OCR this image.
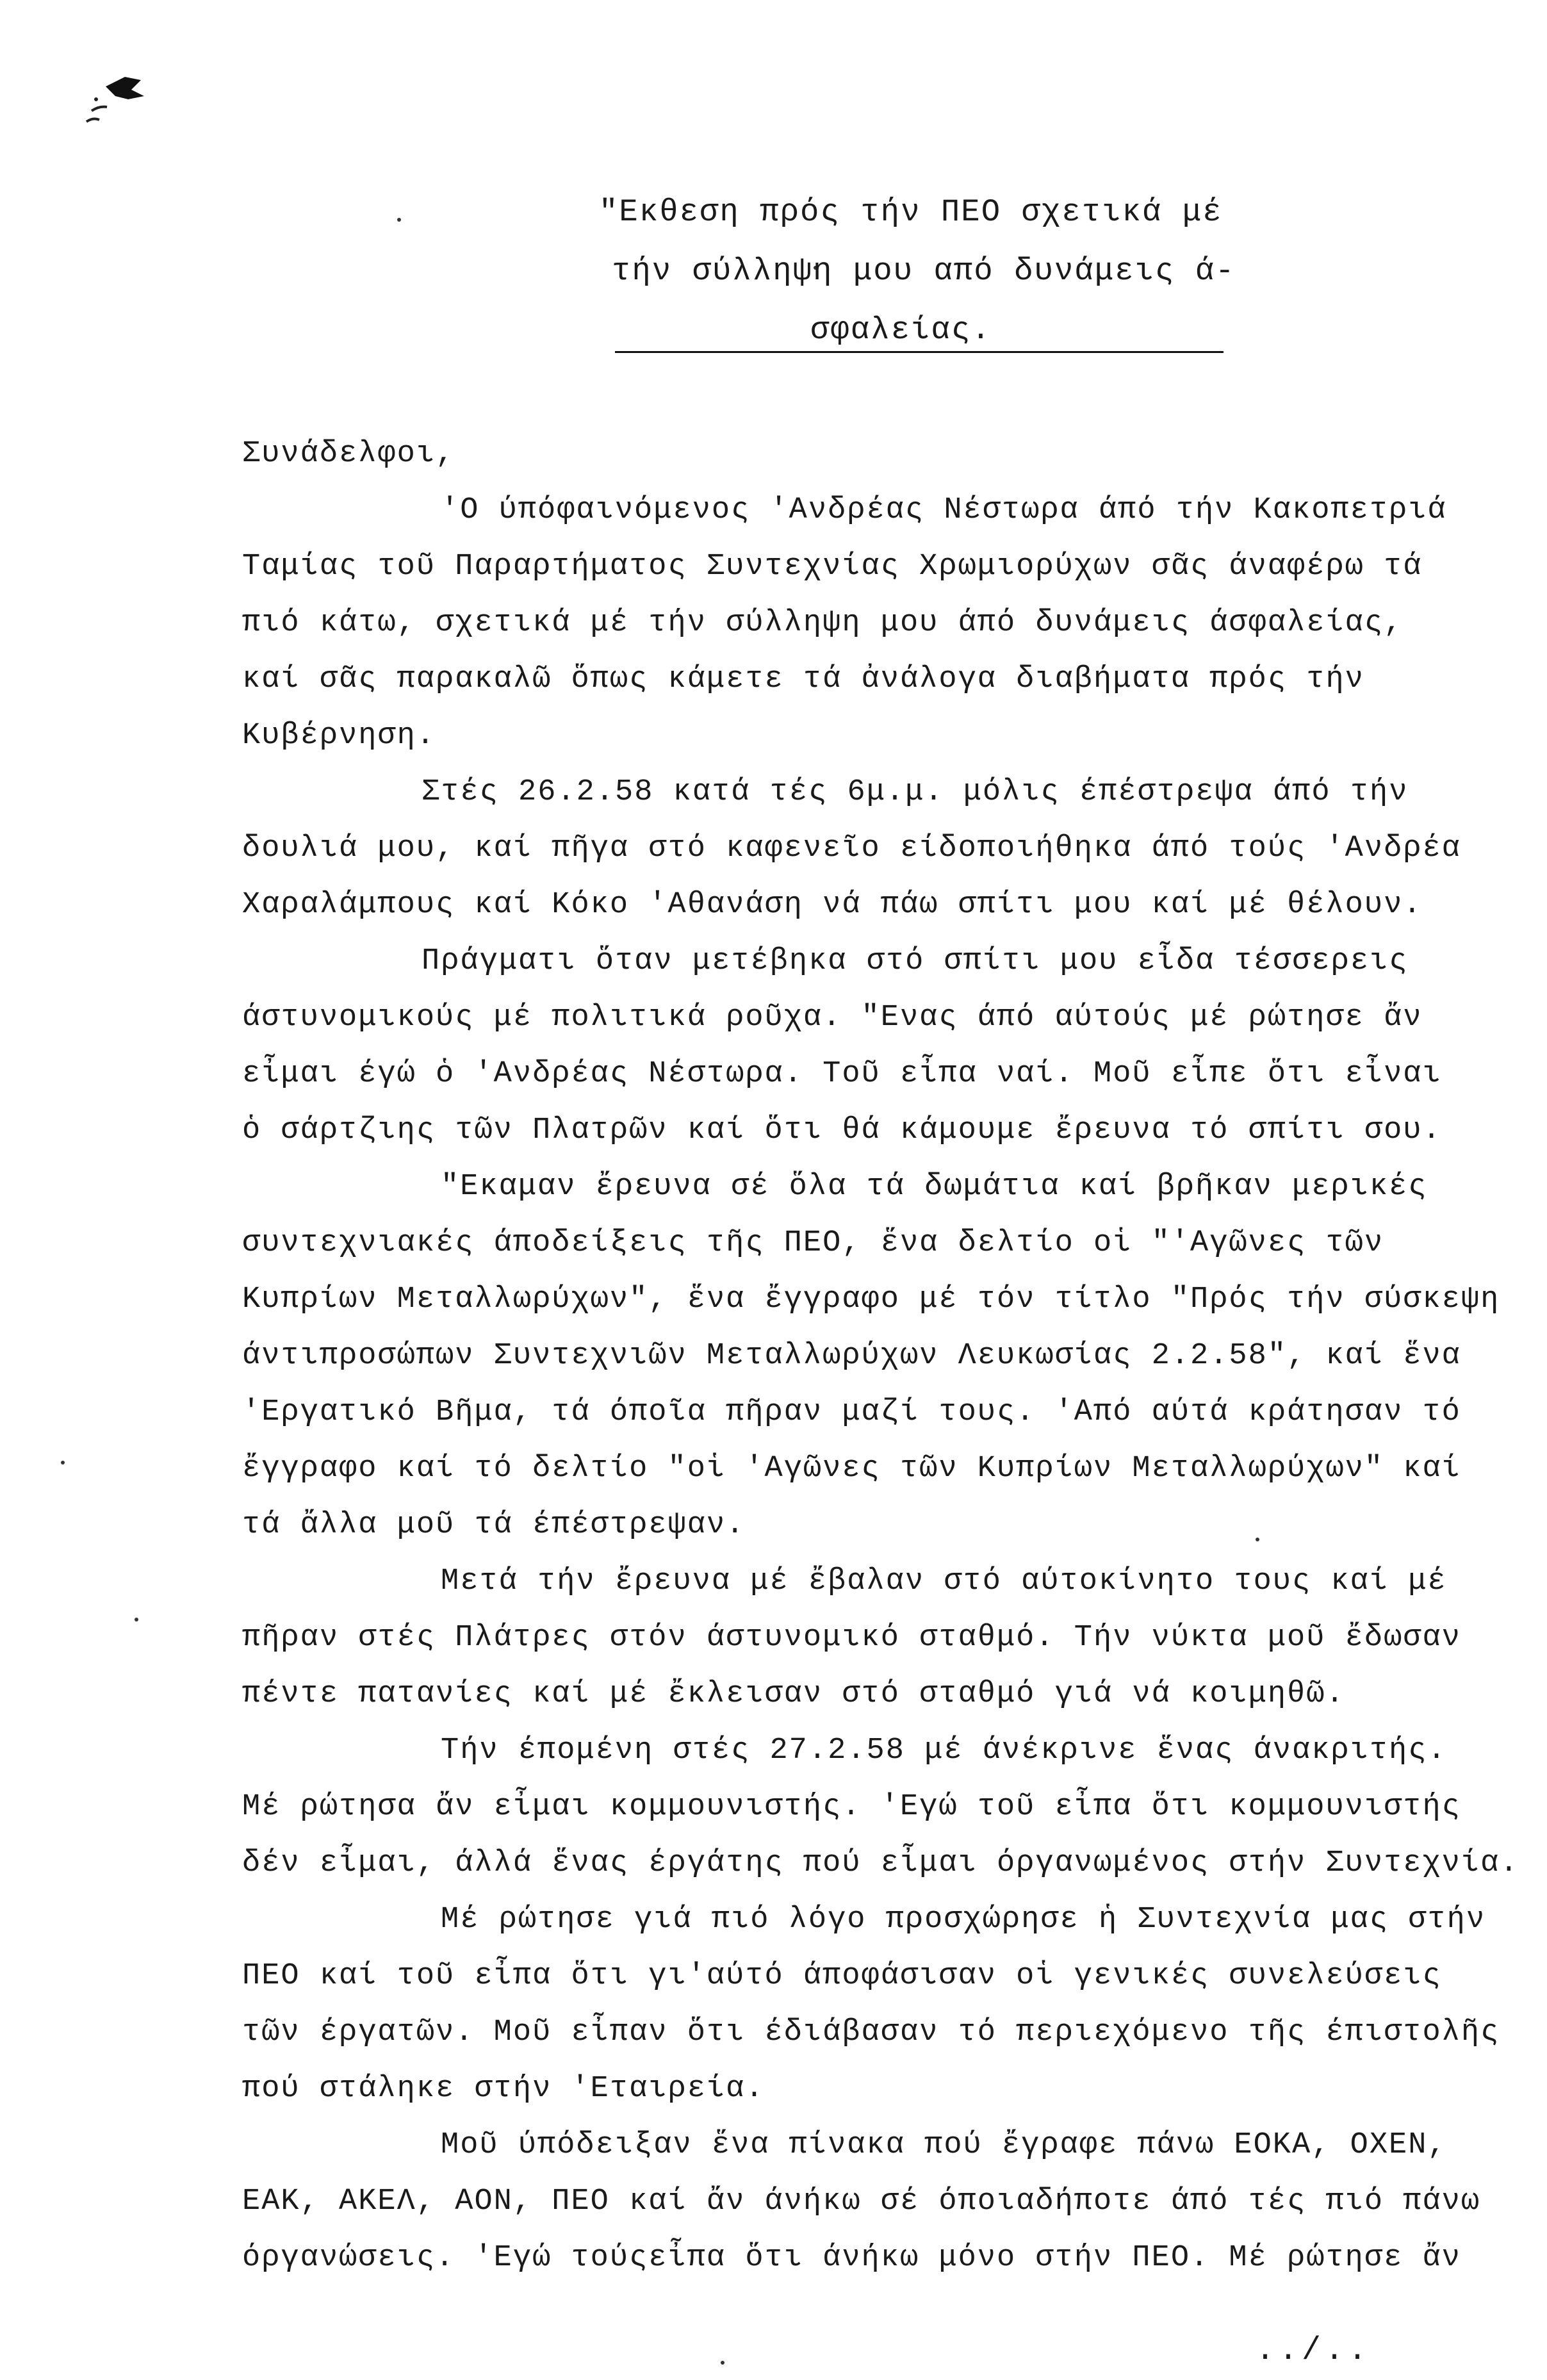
"Εκθεση πρός τήν ΠΕΟ σχετικά μέ
τήν σύλληψη μου από δυνάμεις ά-
σφαλείας.
Συνάδελφοι,
'Ο ύπόφαινόμενος 'Ανδρέας Νέστωρα άπό τήν Κακοπετριά
Ταμίας τοῦ Παραρτήματος Συντεχνίας Χρωμιορύχων σᾶς άναφέρω τά
πιό κάτω, σχετικά μέ τήν σύλληψη μου άπό δυνάμεις άσφαλείας,
καί σᾶς παρακαλῶ ὅπως κάμετε τά ἀνάλογα διαβήματα πρός τήν
Κυβέρνηση.
Στές 26.2.58 κατά τές 6μ.μ. μόλις έπέστρεψα άπό τήν
δουλιά μου, καί πῆγα στό καφενεῖο είδοποιήθηκα άπό τούς 'Ανδρέα
Χαραλάμπους καί Κόκο 'Αθανάση νά πάω σπίτι μου καί μέ θέλουν.
Πράγματι ὅταν μετέβηκα στό σπίτι μου εἶδα τέσσερεις
άστυνομικούς μέ πολιτικά ροῦχα. "Ενας άπό αύτούς μέ ρώτησε ἄν
εἶμαι έγώ ὁ 'Ανδρέας Νέστωρα. Τοῦ εἶπα ναί. Μοῦ εἶπε ὅτι εἶναι
ὁ σάρτζιης τῶν Πλατρῶν καί ὅτι θά κάμουμε ἔρευνα τό σπίτι σου.
"Εκαμαν ἔρευνα σέ ὅλα τά δωμάτια καί βρῆκαν μερικές
συντεχνιακές άποδείξεις τῆς ΠΕΟ, ἕνα δελτίο οἱ "'Αγῶνες τῶν
Κυπρίων Μεταλλωρύχων", ἕνα ἔγγραφο μέ τόν τίτλο "Πρός τήν σύσκεψη
άντιπροσώπων Συντεχνιῶν Μεταλλωρύχων Λευκωσίας 2.2.58", καί ἕνα
'Εργατικό Βῆμα, τά όποῖα πῆραν μαζί τους. 'Από αύτά κράτησαν τό
ἔγγραφο καί τό δελτίο "οἱ 'Αγῶνες τῶν Κυπρίων Μεταλλωρύχων" καί
τά ἄλλα μοῦ τά έπέστρεψαν.
Μετά τήν ἔρευνα μέ ἔβαλαν στό αύτοκίνητο τους καί μέ
πῆραν στές Πλάτρες στόν άστυνομικό σταθμό. Τήν νύκτα μοῦ ἔδωσαν
πέντε πατανίες καί μέ ἔκλεισαν στό σταθμό γιά νά κοιμηθῶ.
Τήν έπομένη στές 27.2.58 μέ άνέκρινε ἕνας άνακριτής.
Μέ ρώτησα ἄν εἶμαι κομμουνιστής. 'Εγώ τοῦ εἶπα ὅτι κομμουνιστής
δέν εἶμαι, άλλά ἕνας έργάτης πού εἶμαι όργανωμένος στήν Συντεχνία.
Μέ ρώτησε γιά πιό λόγο προσχώρησε ἡ Συντεχνία μας στήν
ΠΕΟ καί τοῦ εἶπα ὅτι γι'αύτό άποφάσισαν οἱ γενικές συνελεύσεις
τῶν έργατῶν. Μοῦ εἶπαν ὅτι έδιάβασαν τό περιεχόμενο τῆς έπιστολῆς
πού στάληκε στήν 'Εταιρεία.
Μοῦ ύπόδειξαν ἕνα πίνακα πού ἔγραφε πάνω ΕΟΚΑ, ΟΧΕΝ,
ΕΑΚ, ΑΚΕΛ, ΑΟΝ, ΠΕΟ καί ἄν άνήκω σέ όποιαδήποτε άπό τές πιό πάνω
όργανώσεις. 'Εγώ τούςεἶπα ὅτι άνήκω μόνο στήν ΠΕΟ. Μέ ρώτησε ἄν
../..
